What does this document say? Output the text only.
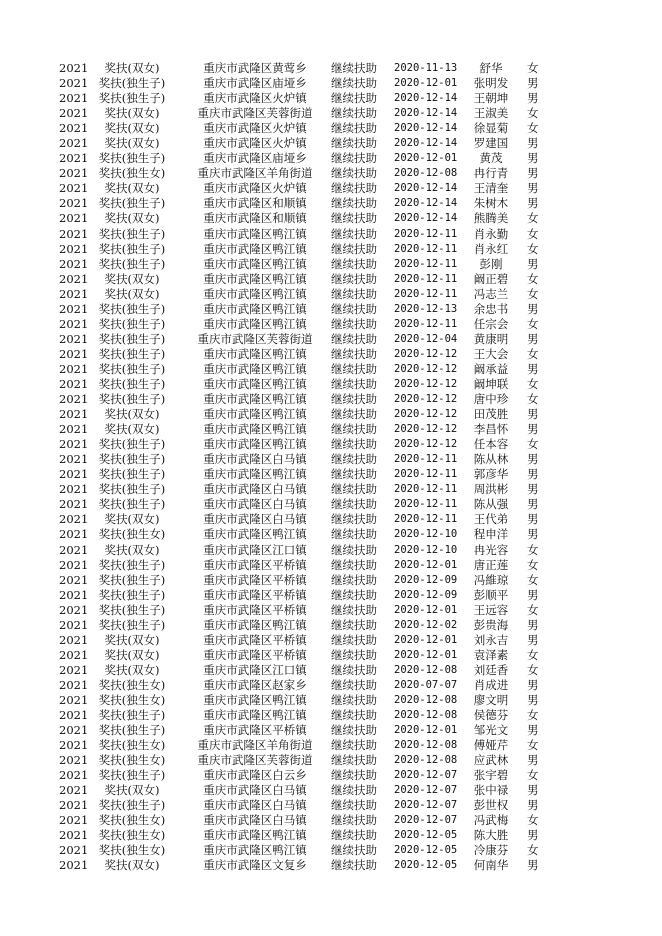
2021	奖扶(双女)	重庆市武隆区黄莺乡	继续扶助 2020-11-13	舒华	女
2021 奖扶(独生子)	重庆市武隆区庙垭乡	继续扶助 2020-12-01	张明发	男
2021 奖扶(独生子)	重庆市武隆区火炉镇	继续扶助 2020-12-14	王朝坤	男
2021	奖扶(双女)	重庆市武隆区芙蓉街道	继续扶助 2020-12-14	王淑美	女
2021	奖扶(双女)	重庆市武隆区火炉镇	继续扶助 2020-12-14	徐显菊	女
2021	奖扶(双女)	重庆市武隆区火炉镇	继续扶助 2020-12-14	罗建国	男
2021 奖扶(独生子)	重庆市武隆区庙垭乡	继续扶助 2020-12-01	黄茂	男
2021 奖扶(独生女)	重庆市武隆区羊角街道	继续扶助 2020-12-08	冉行青	男
2021	奖扶(双女)	重庆市武隆区火炉镇	继续扶助 2020-12-14	王清奎	男
2021 奖扶(独生子)	重庆市武隆区和顺镇	继续扶助 2020-12-14	朱树木	男
2021	奖扶(双女)	重庆市武隆区和顺镇	继续扶助 2020-12-14	熊腾美	女
2021 奖扶(独生子)	重庆市武隆区鸭江镇	继续扶助 2020-12-11	肖永勤	女
2021 奖扶(独生子)	重庆市武隆区鸭江镇	继续扶助 2020-12-11	肖永红	女
2021 奖扶(独生子)	重庆市武隆区鸭江镇	继续扶助 2020-12-11	彭刚	男
2021	奖扶(双女)	重庆市武隆区鸭江镇	继续扶助 2020-12-11	阚正碧	女
2021	奖扶(双女)	重庆市武隆区鸭江镇	继续扶助 2020-12-11	冯志兰	女
2021 奖扶(独生子)	重庆市武隆区鸭江镇	继续扶助 2020-12-13	余忠书	男
2021 奖扶(独生子)	重庆市武隆区鸭江镇	继续扶助 2020-12-11	任宗会	女
2021 奖扶(独生子)	重庆市武隆区芙蓉街道	继续扶助 2020-12-04	黄康明	男
2021 奖扶(独生子)	重庆市武隆区鸭江镇	继续扶助 2020-12-12	王大会	女
2021 奖扶(独生子)	重庆市武隆区鸭江镇	继续扶助 2020-12-12	阚承益	男
2021 奖扶(独生子)	重庆市武隆区鸭江镇	继续扶助 2020-12-12	阚坤联	女
2021 奖扶(独生子)	重庆市武隆区鸭江镇	继续扶助 2020-12-12	唐中珍	女
2021	奖扶(双女)	重庆市武隆区鸭江镇	继续扶助 2020-12-12	田茂胜	男
2021	奖扶(双女)	重庆市武隆区鸭江镇	继续扶助 2020-12-12	李昌怀	男
2021 奖扶(独生子)	重庆市武隆区鸭江镇	继续扶助 2020-12-12	任本容	女
2021 奖扶(独生子)	重庆市武隆区白马镇	继续扶助 2020-12-11	陈从林	男
2021 奖扶(独生子)	重庆市武隆区鸭江镇	继续扶助 2020-12-11	郭彦华	男
2021 奖扶(独生子)	重庆市武隆区白马镇	继续扶助 2020-12-11	周洪彬	男
2021 奖扶(独生子)	重庆市武隆区白马镇	继续扶助 2020-12-11	陈从强	男
2021	奖扶(双女)	重庆市武隆区白马镇	继续扶助 2020-12-11	王代弟	男
2021 奖扶(独生女)	重庆市武隆区鸭江镇	继续扶助 2020-12-10	程申洋	男
2021	奖扶(双女)	重庆市武隆区江口镇	继续扶助 2020-12-10	冉光容	女
2021 奖扶(独生子)	重庆市武隆区平桥镇	继续扶助 2020-12-01	唐正莲	女
2021 奖扶(独生子)	重庆市武隆区平桥镇	继续扶助 2020-12-09	冯維琼	女
2021 奖扶(独生子)	重庆市武隆区平桥镇	继续扶助 2020-12-09	彭顺平	男
2021 奖扶(独生子)	重庆市武隆区平桥镇	继续扶助 2020-12-01	王远容	女
2021 奖扶(独生子)	重庆市武隆区鸭江镇	继续扶助 2020-12-02	彭贵海	男
2021	奖扶(双女)	重庆市武隆区平桥镇	继续扶助 2020-12-01	刘永吉	男
2021	奖扶(双女)	重庆市武隆区平桥镇	继续扶助 2020-12-01	袁泽素	女
2021	奖扶(双女)	重庆市武隆区江口镇	继续扶助 2020-12-08	刘廷香	女
2021 奖扶(独生女)	重庆市武隆区赵家乡	继续扶助 2020-07-07	肖成进	男
2021 奖扶(独生女)	重庆市武隆区鸭江镇	继续扶助 2020-12-08	廖文明	男
2021 奖扶(独生子)	重庆市武隆区鸭江镇	继续扶助 2020-12-08	侯德芬	女
2021 奖扶(独生子)	重庆市武隆区平桥镇	继续扶助 2020-12-01	邹光文	男
2021 奖扶(独生女)	重庆市武隆区羊角街道	继续扶助 2020-12-08	傅娅芹	女
2021 奖扶(独生女)	重庆市武隆区芙蓉街道	继续扶助 2020-12-08	应武林	男
2021 奖扶(独生子)	重庆市武隆区白云乡	继续扶助 2020-12-07	张宇碧	女
2021	奖扶(双女)	重庆市武隆区白马镇	继续扶助 2020-12-07	张中禄	男
2021 奖扶(独生子)	重庆市武隆区白马镇	继续扶助 2020-12-07	彭世权	男
2021 奖扶(独生女)	重庆市武隆区白马镇	继续扶助 2020-12-07	冯武梅	女
2021 奖扶(独生女)	重庆市武隆区鸭江镇	继续扶助 2020-12-05	陈大胜	男
2021 奖扶(独生女)	重庆市武隆区鸭江镇	继续扶助 2020-12-05	冷康芬	女
2021	奖扶(双女)	重庆市武隆区文复乡	继续扶助 2020-12-05	何南华	男
